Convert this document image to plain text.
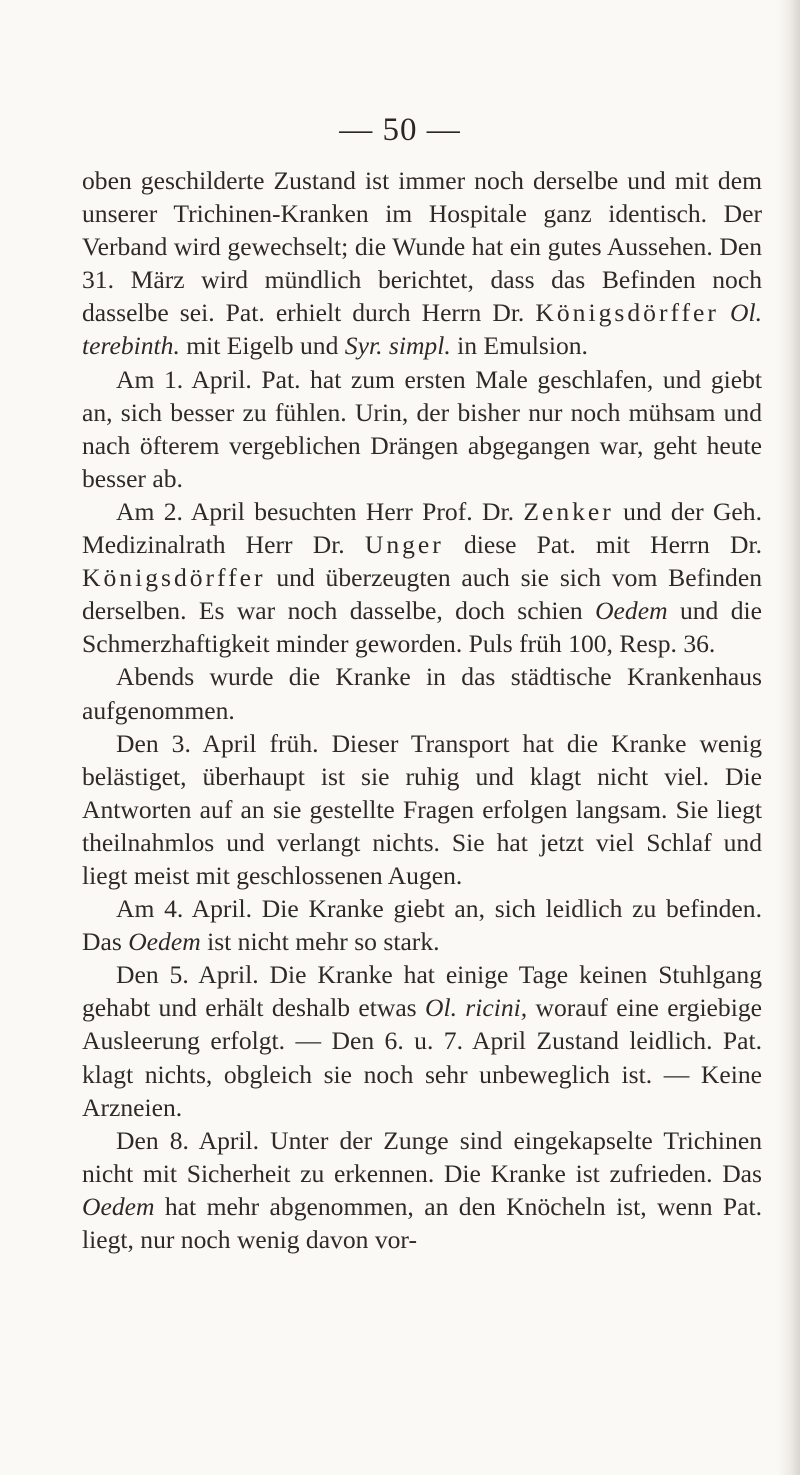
— 50 —

oben geschilderte Zustand ist immer noch derselbe und mit dem unserer Trichinen-Kranken im Hospitale ganz identisch. Der Verband wird gewechselt; die Wunde hat ein gutes Aussehen. Den 31. März wird mündlich berichtet, dass das Befinden noch dasselbe sei. Pat. erhielt durch Herrn Dr. Königsdörffer Ol. terebinth. mit Eigelb und Syr. simpl. in Emulsion.

Am 1. April. Pat. hat zum ersten Male geschlafen, und giebt an, sich besser zu fühlen. Urin, der bisher nur noch mühsam und nach öfterem vergeblichen Drängen abgegangen war, geht heute besser ab.

Am 2. April besuchten Herr Prof. Dr. Zenker und der Geh. Medizinalrath Herr Dr. Unger diese Pat. mit Herrn Dr. Königsdörffer und überzeugten auch sie sich vom Befinden derselben. Es war noch dasselbe, doch schien Oedem und die Schmerzhaftigkeit minder geworden. Puls früh 100, Resp. 36.

Abends wurde die Kranke in das städtische Krankenhaus aufgenommen.

Den 3. April früh. Dieser Transport hat die Kranke wenig belästiget, überhaupt ist sie ruhig und klagt nicht viel. Die Antworten auf an sie gestellte Fragen erfolgen langsam. Sie liegt theilnahmlos und verlangt nichts. Sie hat jetzt viel Schlaf und liegt meist mit geschlossenen Augen.

Am 4. April. Die Kranke giebt an, sich leidlich zu befinden. Das Oedem ist nicht mehr so stark.

Den 5. April. Die Kranke hat einige Tage keinen Stuhlgang gehabt und erhält deshalb etwas Ol. ricini, worauf eine ergiebige Ausleerung erfolgt. — Den 6. u. 7. April Zustand leidlich. Pat. klagt nichts, obgleich sie noch sehr unbeweglich ist. — Keine Arzneien.

Den 8. April. Unter der Zunge sind eingekapselte Trichinen nicht mit Sicherheit zu erkennen. Die Kranke ist zufrieden. Das Oedem hat mehr abgenommen, an den Knöcheln ist, wenn Pat. liegt, nur noch wenig davon vor-
